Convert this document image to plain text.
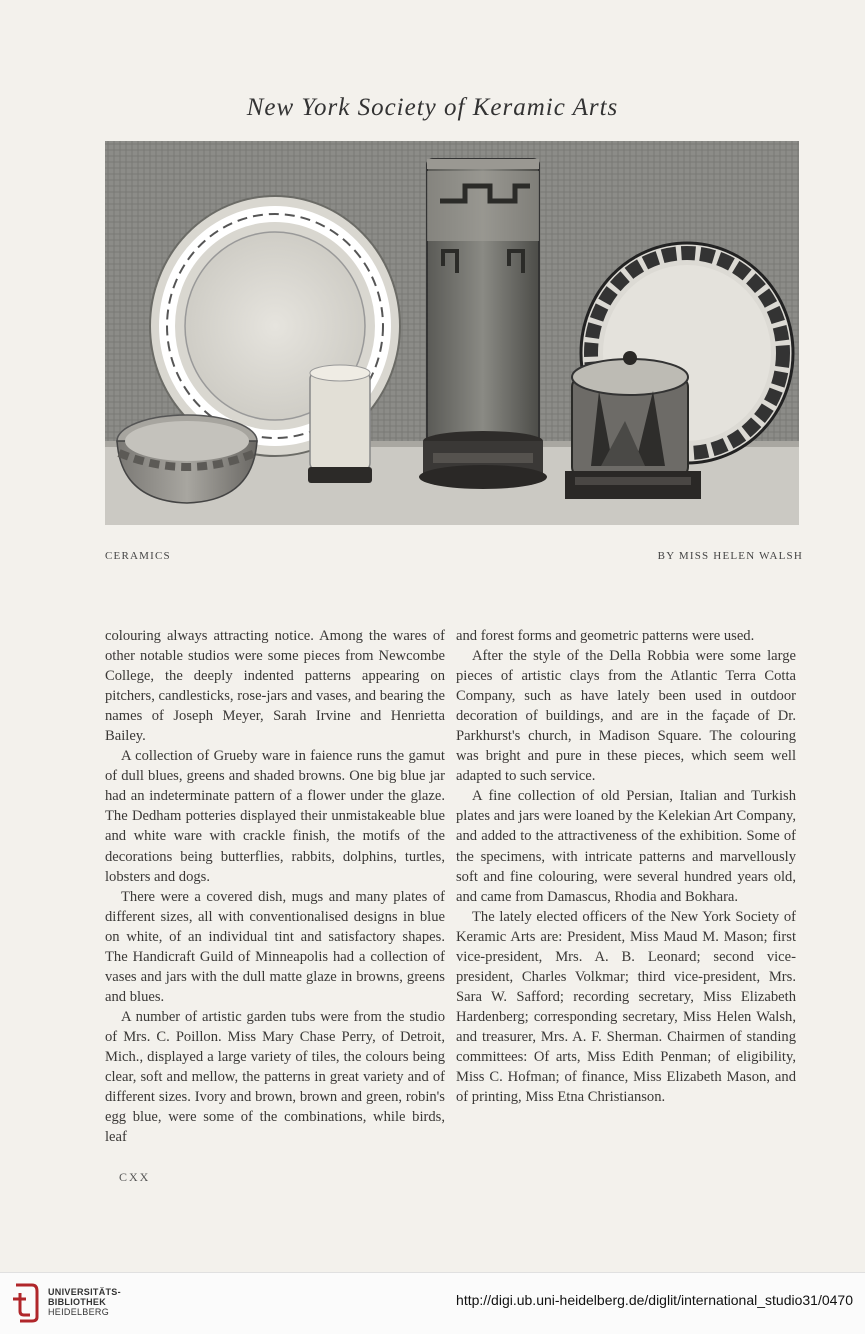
New York Society of Keramic Arts
CERAMICS	BY MISS HELEN WALSH

colouring always attracting notice. Among the wares of other notable studios were some pieces from Newcombe College, the deeply indented patterns appearing on pitchers, candlesticks, rose-jars and vases, and bearing the names of Joseph Meyer, Sarah Irvine and Henrietta Bailey.

A collection of Grueby ware in faience runs the gamut of dull blues, greens and shaded browns. One big blue jar had an indeterminate pattern of a flower under the glaze. The Dedham potteries displayed their unmistakeable blue and white ware with crackle finish, the motifs of the decorations being butterflies, rabbits, dolphins, turtles, lobsters and dogs.

There were a covered dish, mugs and many plates of different sizes, all with conventionalised designs in blue on white, of an individual tint and satisfactory shapes. The Handicraft Guild of Minneapolis had a collection of vases and jars with the dull matte glaze in browns, greens and blues.

A number of artistic garden tubs were from the studio of Mrs. C. Poillon. Miss Mary Chase Perry, of Detroit, Mich., displayed a large variety of tiles, the colours being clear, soft and mellow, the patterns in great variety and of different sizes. Ivory and brown, brown and green, robin's egg blue, were some of the combinations, while birds, leaf

and forest forms and geometric patterns were used.

After the style of the Della Robbia were some large pieces of artistic clays from the Atlantic Terra Cotta Company, such as have lately been used in outdoor decoration of buildings, and are in the façade of Dr. Parkhurst's church, in Madison Square. The colouring was bright and pure in these pieces, which seem well adapted to such service.

A fine collection of old Persian, Italian and Turkish plates and jars were loaned by the Kelekian Art Company, and added to the attractiveness of the exhibition. Some of the specimens, with intricate patterns and marvellously soft and fine colouring, were several hundred years old, and came from Damascus, Rhodia and Bokhara.

The lately elected officers of the New York Society of Keramic Arts are: President, Miss Maud M. Mason; first vice-president, Mrs. A. B. Leonard; second vice-president, Charles Volkmar; third vice-president, Mrs. Sara W. Safford; recording secretary, Miss Elizabeth Hardenberg; corresponding secretary, Miss Helen Walsh, and treasurer, Mrs. A. F. Sherman. Chairmen of standing committees: Of arts, Miss Edith Penman; of eligibility, Miss C. Hofman; of finance, Miss Elizabeth Mason, and of printing, Miss Etna Christianson.

CXX
UNIVERSITÄTS-
BIBLIOTHEK
HEIDELBERG
http://digi.ub.uni-heidelberg.de/diglit/international_studio31/0470
